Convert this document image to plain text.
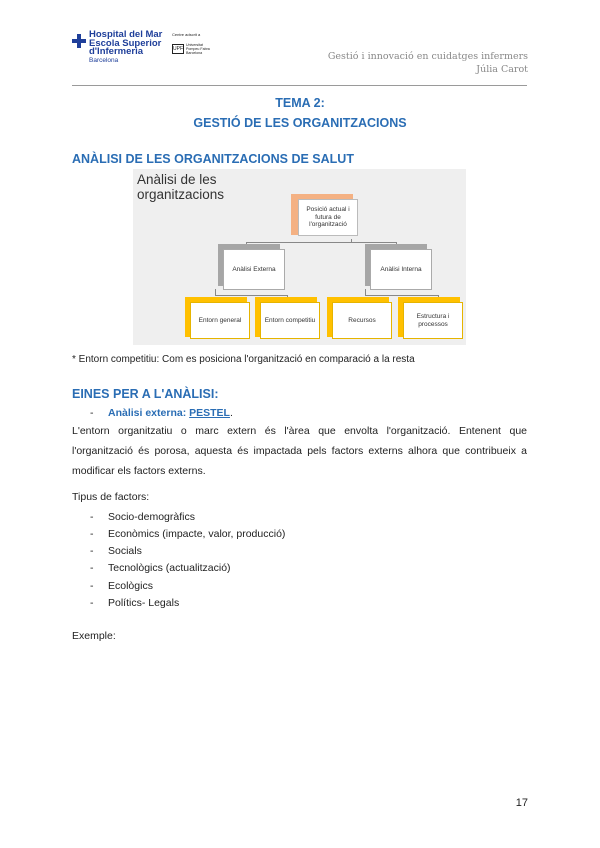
Hospital del Mar
Escola Superior
d'Infermeria
Barcelona
Centre adscrit a
UPF
Universitat
Pompeu Fabra
Barcelona	Gestió i innovació en cuidatges infermers
Júlia Carot
TEMA 2:
GESTIÓ DE LES ORGANITZACIONS
ANÀLISI DE LES ORGANITZACIONS DE SALUT
Anàlisi de les organitzacions
Posició actual i futura de l'organització
Anàlisi Externa	Anàlisi Interna
Entorn general	Entorn competitiu	Recursos
Estructura i processos
* Entorn competitiu: Com es posiciona l'organització en comparació a la resta
EINES PER A L'ANÀLISI:
- Anàlisi externa: PESTEL.
L'entorn organitzatiu o marc extern és l'àrea que envolta l'organització. Entenent que
l'organització és porosa, aquesta és impactada pels factors externs alhora que contribueix a
modificar els factors externs.
Tipus de factors:
- Socio-demogràfics
- Econòmics (impacte, valor, producció)
- Socials
- Tecnològics (actualització)
- Ecològics
- Polítics- Legals
Exemple:
17
